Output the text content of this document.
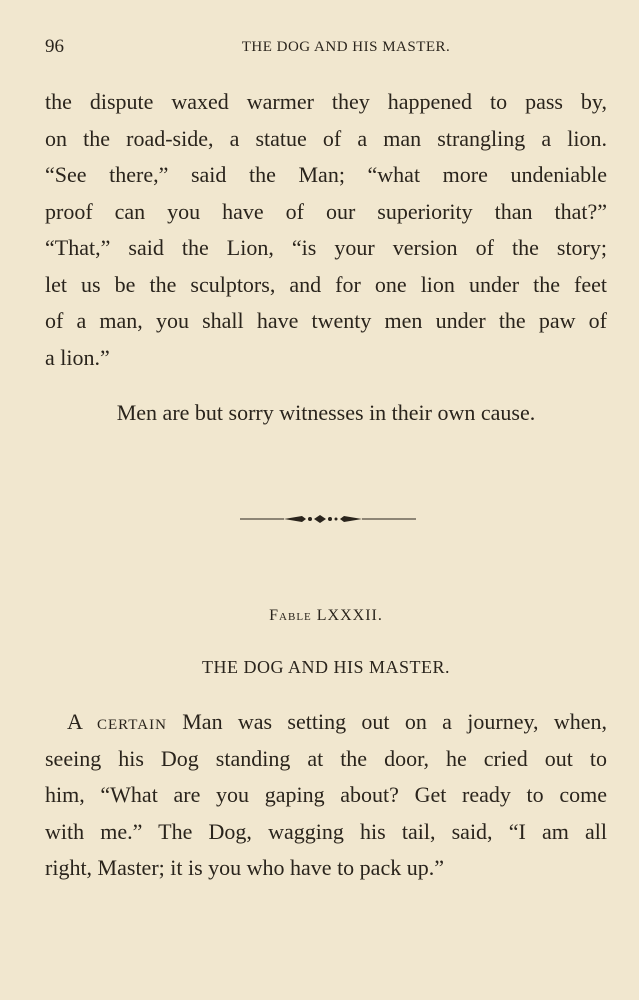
96	THE DOG AND HIS MASTER.
the dispute waxed warmer they happened to pass by,
on the road-side, a statue of a man strangling a lion.
“See there,” said the Man; “what more undeniable
proof can you have of our superiority than that?”
“That,” said the Lion, “is your version of the story;
let us be the sculptors, and for one lion under the feet
of a man, you shall have twenty men under the paw of
a lion.”
Men are but sorry witnesses in their own cause.
Fable LXXXII.
THE DOG AND HIS MASTER.
A certain Man was setting out on a journey, when,
seeing his Dog standing at the door, he cried out to
him, “What are you gaping about? Get ready to come
with me.” The Dog, wagging his tail, said, “I am all
right, Master; it is you who have to pack up.”
